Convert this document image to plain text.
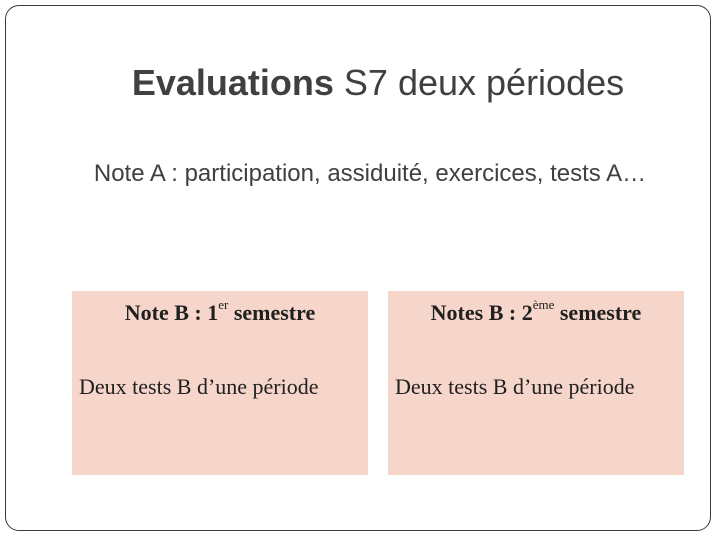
Evaluations S7 deux périodes
Note A : participation, assiduité, exercices, tests A…
Note B : 1er semestre
Deux tests B d’une période
Notes B : 2ème semestre
Deux tests B d’une période
